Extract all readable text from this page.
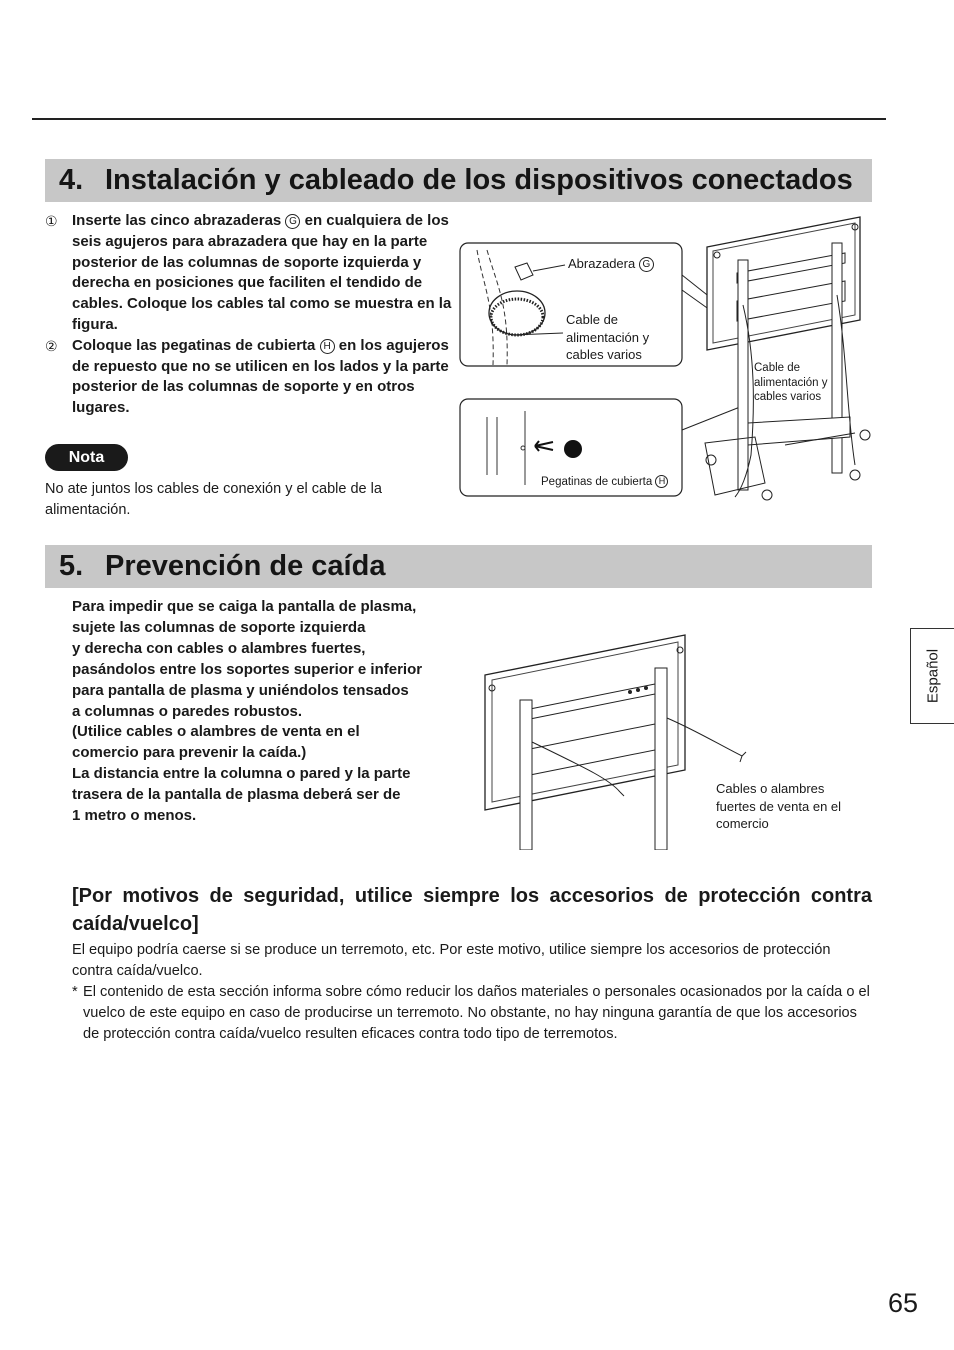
4. Instalación y cableado de los dispositivos conectados
① Inserte las cinco abrazaderas G en cualquiera de los seis agujeros para abrazadera que hay en la parte posterior de las columnas de soporte izquierda y derecha en posiciones que faciliten el tendido de cables. Coloque los cables tal como se muestra en la figura.
② Coloque las pegatinas de cubierta H en los agujeros de repuesto que no se utilicen en los lados y la parte posterior de las columnas de soporte y en otros lugares.
Nota
No ate juntos los cables de conexión y el cable de la alimentación.
Abrazadera G
Cable de
alimentación y
cables varios
Pegatinas de cubierta H
Cable de
alimentación y
cables varios
5. Prevención de caída
Para impedir que se caiga la pantalla de plasma,
sujete las columnas de soporte izquierda
y derecha con cables o alambres fuertes,
pasándolos entre los soportes superior e inferior
para pantalla de plasma y uniéndolos tensados
a columnas o paredes robustos.
(Utilice cables o alambres de venta en el
comercio para prevenir la caída.)
La distancia entre la columna o pared y la parte
trasera de la pantalla de plasma deberá ser de
1 metro o menos.
Cables o alambres
fuertes de venta en el
comercio
[Por motivos de seguridad, utilice siempre los accesorios de protección contra caída/vuelco]
El equipo podría caerse si se produce un terremoto, etc. Por este motivo, utilice siempre los accesorios de protección contra caída/vuelco.
* El contenido de esta sección informa sobre cómo reducir los daños materiales o personales ocasionados por la caída o el vuelco de este equipo en caso de producirse un terremoto. No obstante, no hay ninguna garantía de que los accesorios de protección contra caída/vuelco resulten eficaces contra todo tipo de terremotos.
Español
65
